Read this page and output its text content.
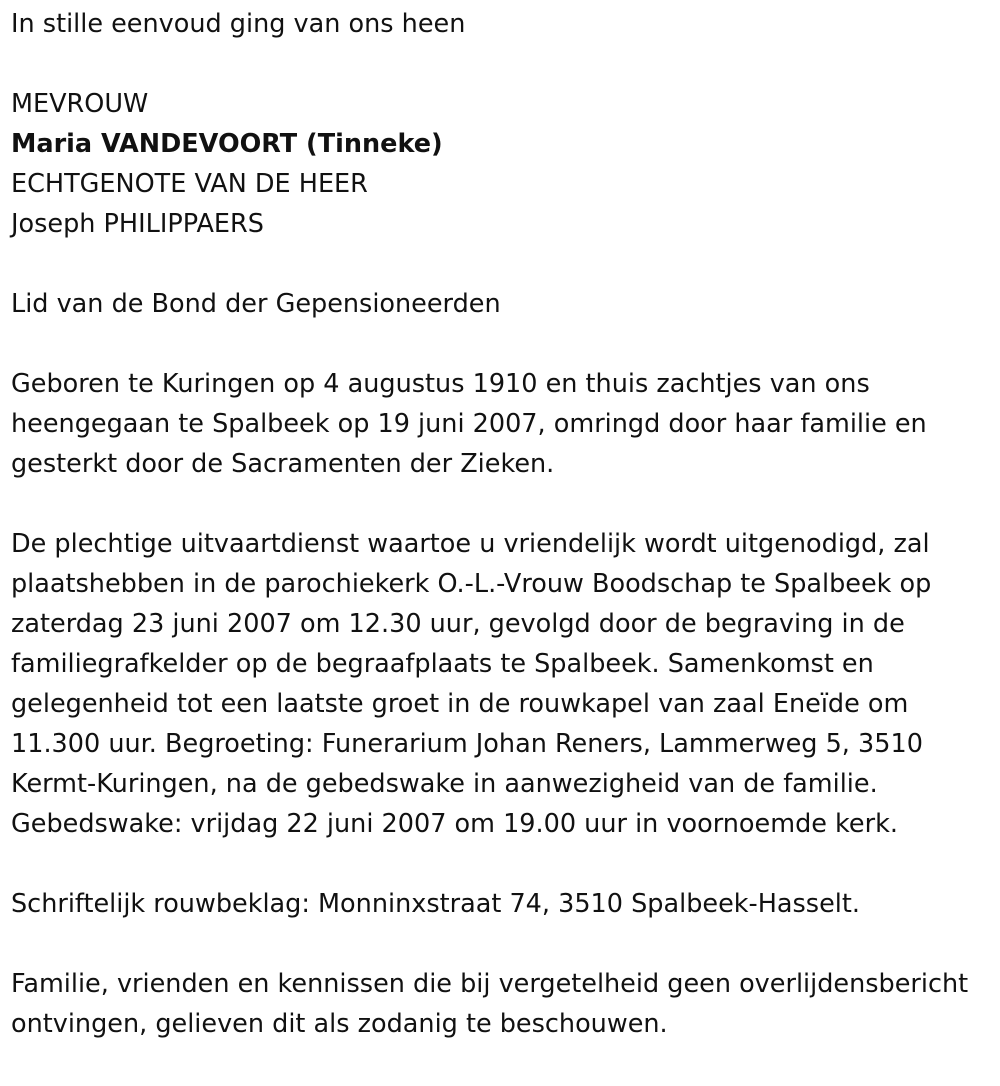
In stille eenvoud ging van ons heen

MEVROUW

Maria VANDEVOORT (Tinneke)

ECHTGENOTE VAN DE HEER

Joseph PHILIPPAERS

Lid van de Bond der Gepensioneerden

Geboren te Kuringen op 4 augustus 1910 en thuis zachtjes van ons heengegaan te Spalbeek op 19 juni 2007, omringd door haar familie en gesterkt door de Sacramenten der Zieken.

De plechtige uitvaartdienst waartoe u vriendelijk wordt uitgenodigd, zal plaatshebben in de parochiekerk O.-L.-Vrouw Boodschap te Spalbeek op zaterdag 23 juni 2007 om 12.30 uur, gevolgd door de begraving in de familiegrafkelder op de begraafplaats te Spalbeek. Samenkomst en gelegenheid tot een laatste groet in de rouwkapel van zaal Eneïde om 11.300 uur. Begroeting: Funerarium Johan Reners, Lammerweg 5, 3510 Kermt-Kuringen, na de gebedswake in aanwezigheid van de familie. Gebedswake: vrijdag 22 juni 2007 om 19.00 uur in voornoemde kerk.

Schriftelijk rouwbeklag: Monninxstraat 74, 3510 Spalbeek-Hasselt.

Familie, vrienden en kennissen die bij vergetelheid geen overlijdensbericht ontvingen, gelieven dit als zodanig te beschouwen.
